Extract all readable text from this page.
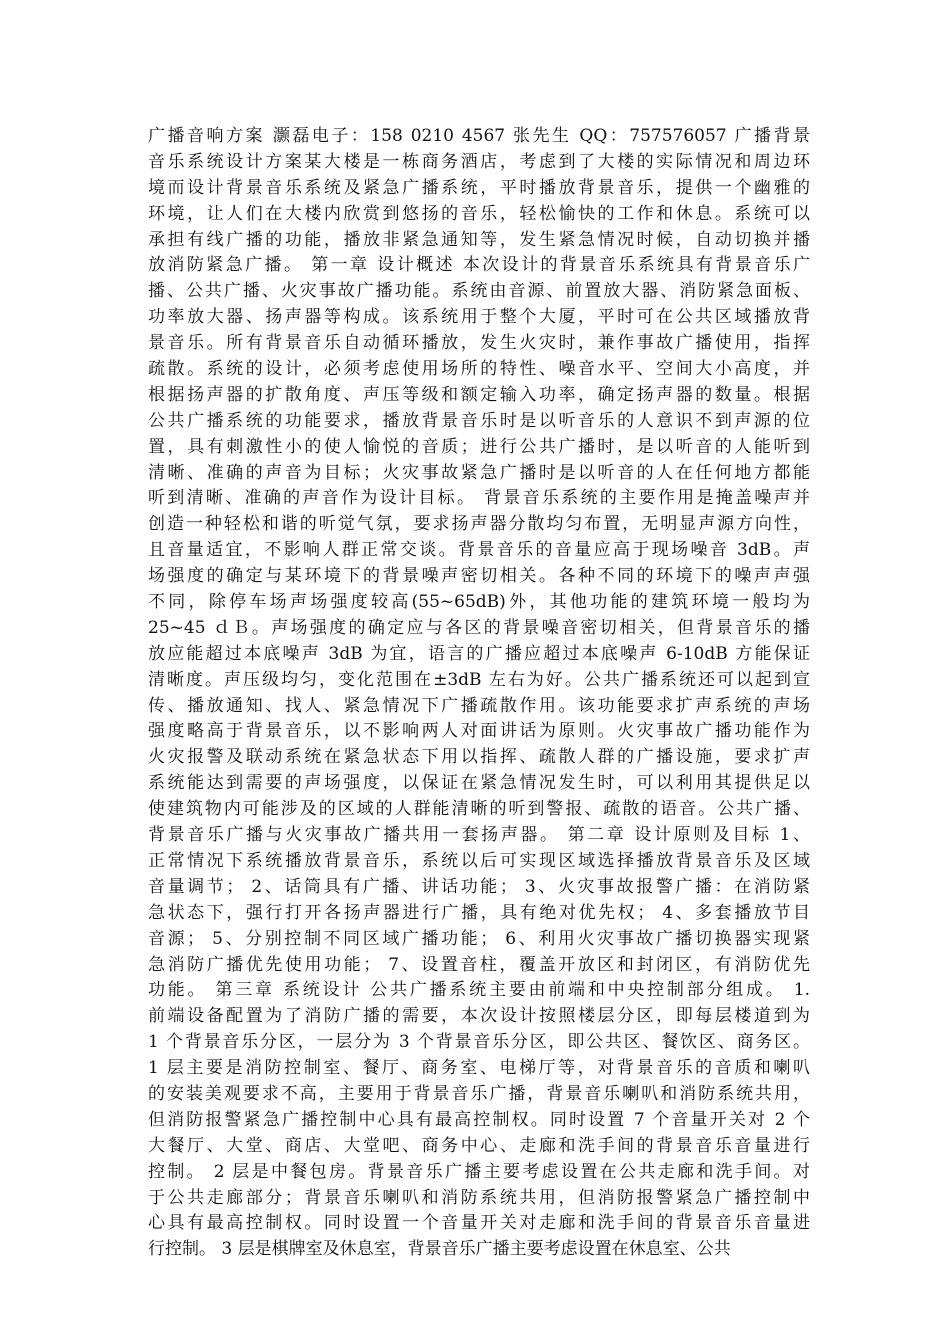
广播音响方案 灏磊电子：158 0210 4567 张先生 QQ：757576057 广播背景
音乐系统设计方案某大楼是一栋商务酒店，考虑到了大楼的实际情况和周边环
境而设计背景音乐系统及紧急广播系统，平时播放背景音乐，提供一个幽雅的
环境，让人们在大楼内欣赏到悠扬的音乐，轻松愉快的工作和休息。系统可以
承担有线广播的功能，播放非紧急通知等，发生紧急情况时候，自动切换并播
放消防紧急广播。 第一章 设计概述 本次设计的背景音乐系统具有背景音乐广
播、公共广播、火灾事故广播功能。系统由音源、前置放大器、消防紧急面板、
功率放大器、扬声器等构成。该系统用于整个大厦，平时可在公共区域播放背
景音乐。所有背景音乐自动循环播放，发生火灾时，兼作事故广播使用，指挥
疏散。系统的设计，必须考虑使用场所的特性、噪音水平、空间大小高度，并
根据扬声器的扩散角度、声压等级和额定输入功率，确定扬声器的数量。根据
公共广播系统的功能要求，播放背景音乐时是以听音乐的人意识不到声源的位
置，具有刺激性小的使人愉悦的音质；进行公共广播时，是以听音的人能听到
清晰、准确的声音为目标；火灾事故紧急广播时是以听音的人在任何地方都能
听到清晰、准确的声音作为设计目标。 背景音乐系统的主要作用是掩盖噪声并
创造一种轻松和谐的听觉气氛，要求扬声器分散均匀布置，无明显声源方向性，
且音量适宜，不影响人群正常交谈。背景音乐的音量应高于现场噪音 3dB。声
场强度的确定与某环境下的背景噪声密切相关。各种不同的环境下的噪声声强
不同，除停车场声场强度较高(55~65dB)外，其他功能的建筑环境一般均为
25~45 ｄＢ。声场强度的确定应与各区的背景噪音密切相关，但背景音乐的播
放应能超过本底噪声 3dB 为宜，语言的广播应超过本底噪声 6-10dB 方能保证
清晰度。声压级均匀，变化范围在±3dB 左右为好。公共广播系统还可以起到宣
传、播放通知、找人、紧急情况下广播疏散作用。该功能要求扩声系统的声场
强度略高于背景音乐，以不影响两人对面讲话为原则。火灾事故广播功能作为
火灾报警及联动系统在紧急状态下用以指挥、疏散人群的广播设施，要求扩声
系统能达到需要的声场强度，以保证在紧急情况发生时，可以利用其提供足以
使建筑物内可能涉及的区域的人群能清晰的听到警报、疏散的语音。公共广播、
背景音乐广播与火灾事故广播共用一套扬声器。 第二章 设计原则及目标 1、
正常情况下系统播放背景音乐，系统以后可实现区域选择播放背景音乐及区域
音量调节； 2、话筒具有广播、讲话功能； 3、火灾事故报警广播：在消防紧
急状态下，强行打开各扬声器进行广播，具有绝对优先权； 4、多套播放节目
音源； 5、分别控制不同区域广播功能； 6、利用火灾事故广播切换器实现紧
急消防广播优先使用功能； 7、设置音柱，覆盖开放区和封闭区，有消防优先
功能。 第三章 系统设计 公共广播系统主要由前端和中央控制部分组成。 1.
前端设备配置为了消防广播的需要，本次设计按照楼层分区，即每层楼道到为
1 个背景音乐分区，一层分为 3 个背景音乐分区，即公共区、餐饮区、商务区。
1 层主要是消防控制室、餐厅、商务室、电梯厅等，对背景音乐的音质和喇叭
的安装美观要求不高，主要用于背景音乐广播，背景音乐喇叭和消防系统共用，
但消防报警紧急广播控制中心具有最高控制权。同时设置 7 个音量开关对 2 个
大餐厅、大堂、商店、大堂吧、商务中心、走廊和洗手间的背景音乐音量进行
控制。 2 层是中餐包房。背景音乐广播主要考虑设置在公共走廊和洗手间。对
于公共走廊部分；背景音乐喇叭和消防系统共用，但消防报警紧急广播控制中
心具有最高控制权。同时设置一个音量开关对走廊和洗手间的背景音乐音量进
行控制。 3 层是棋牌室及休息室，背景音乐广播主要考虑设置在休息室、公共
